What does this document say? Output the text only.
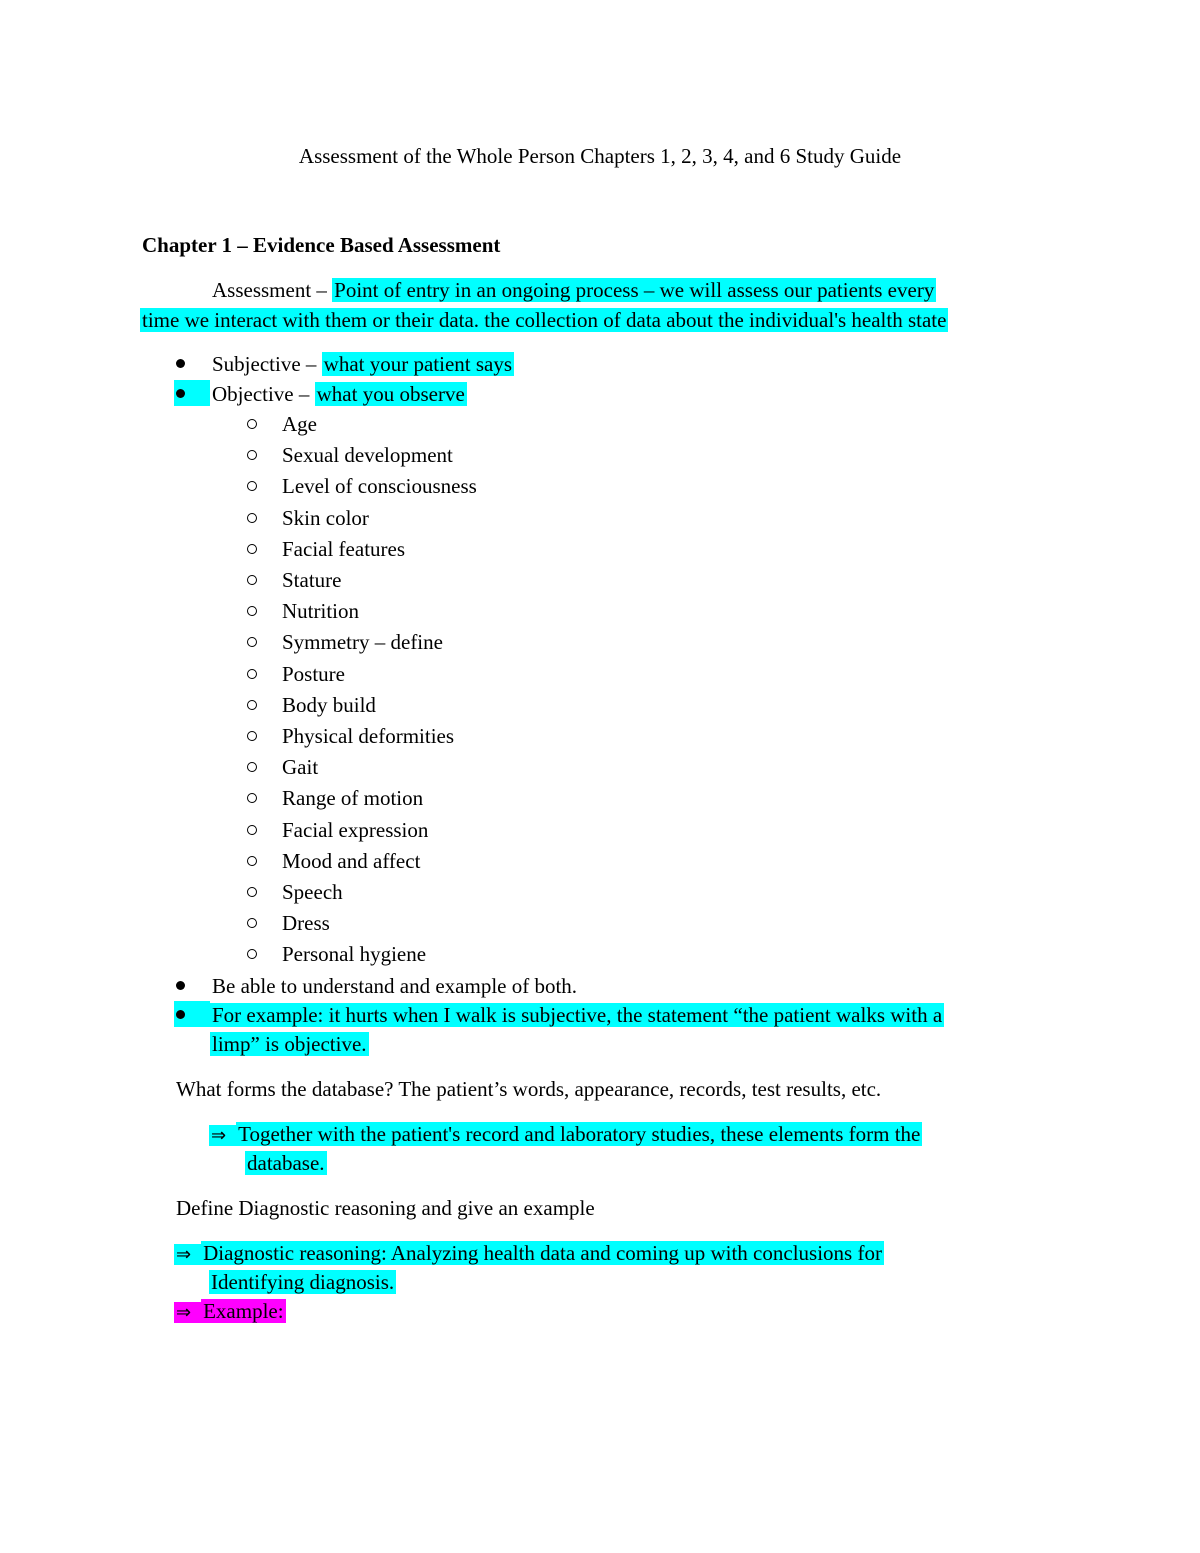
Assessment of the Whole Person Chapters 1, 2, 3, 4, and 6 Study Guide
Chapter 1 – Evidence Based Assessment
Assessment – Point of entry in an ongoing process – we will assess our patients every
time we interact with them or their data. the collection of data about the individual's health state
Subjective – what your patient says
Objective – what you observe
Age
Sexual development
Level of consciousness
Skin color
Facial features
Stature
Nutrition
Symmetry – define
Posture
Body build
Physical deformities
Gait
Range of motion
Facial expression
Mood and affect
Speech
Dress
Personal hygiene
Be able to understand and example of both.
For example: it hurts when I walk is subjective, the statement “the patient walks with a
limp” is objective.
What forms the database? The patient’s words, appearance, records, test results, etc.
⇒ Together with the patient's record and laboratory studies, these elements form the
database.
Define Diagnostic reasoning and give an example
⇒ Diagnostic reasoning: Analyzing health data and coming up with conclusions for
Identifying diagnosis.
⇒ Example:
